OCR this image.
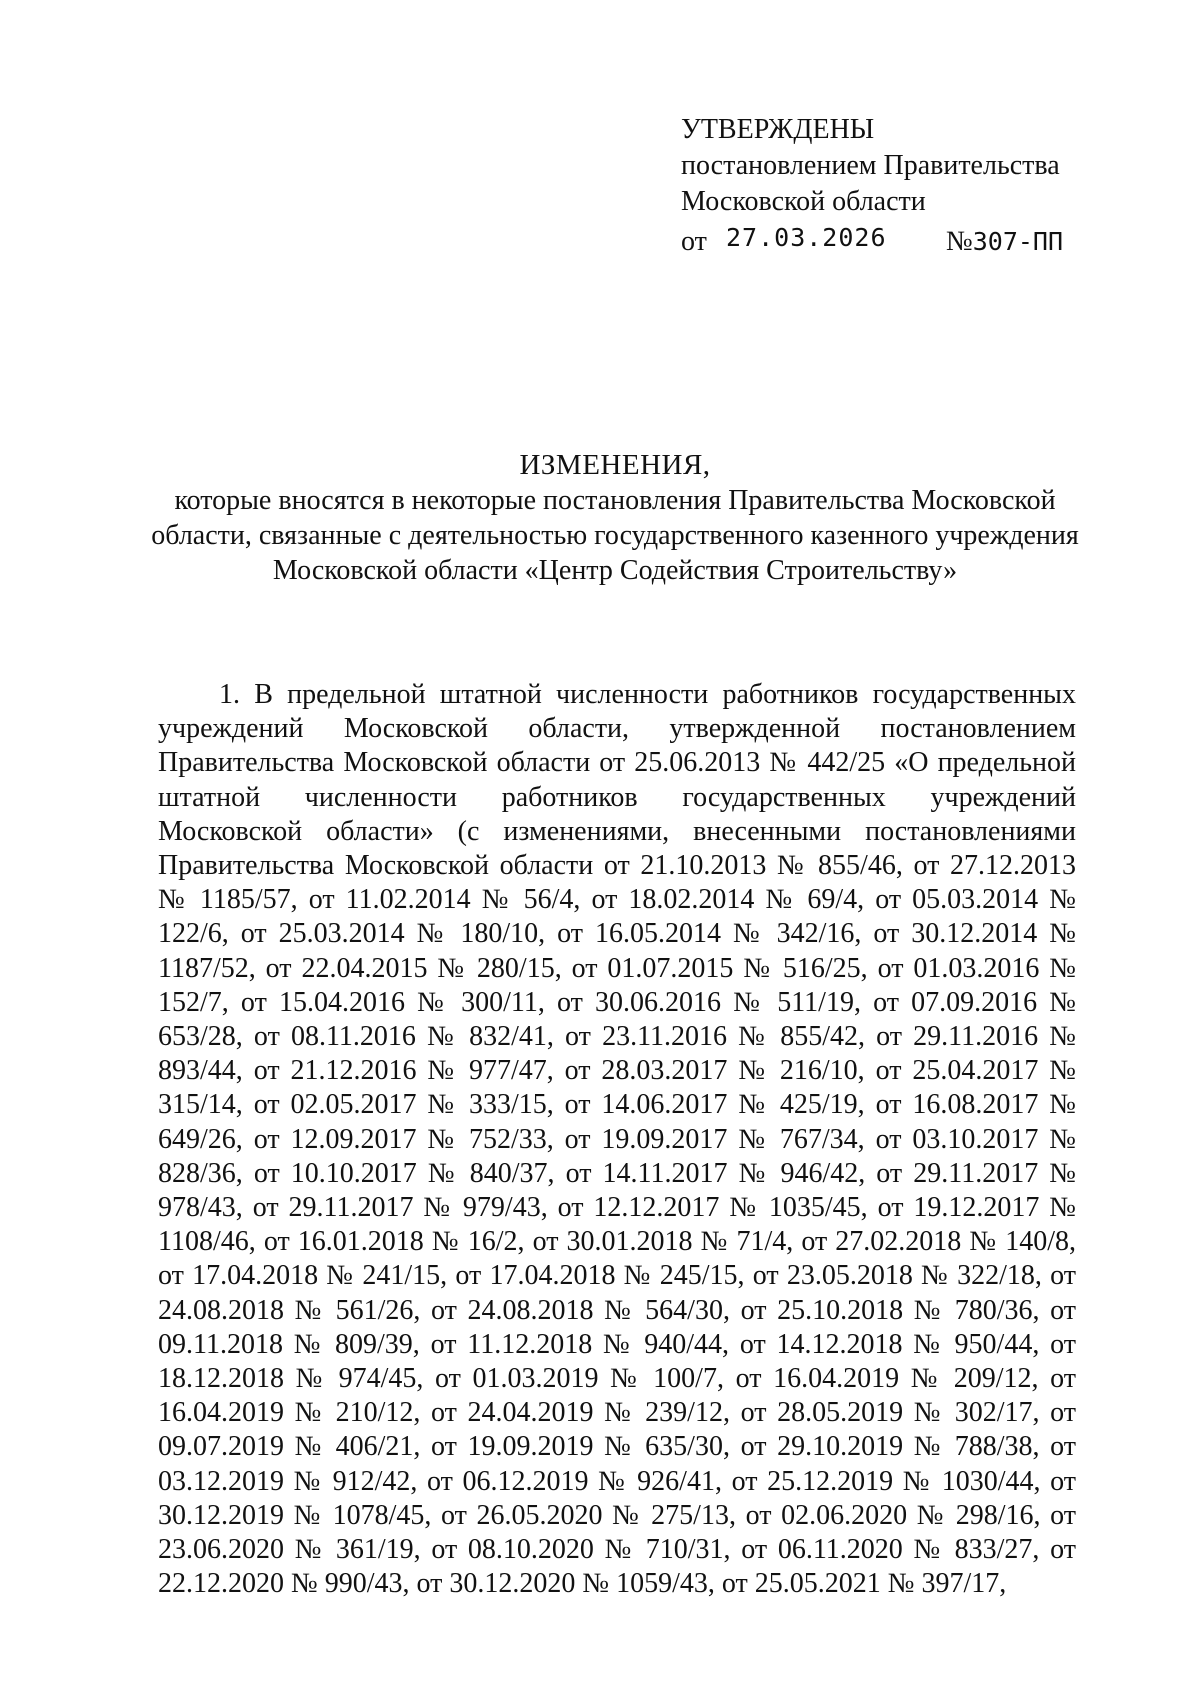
УТВЕРЖДЕНЫ
постановлением Правительства
Московской области
от 27.03.2026 №307-ПП
ИЗМЕНЕНИЯ,
которые вносятся в некоторые постановления Правительства Московской области, связанные с деятельностью государственного казенного учреждения Московской области «Центр Содействия Строительству»

1. В предельной штатной численности работников государственных учреждений Московской области, утвержденной постановлением Правительства Московской области от 25.06.2013 № 442/25 «О предельной штатной численности работников государственных учреждений Московской области» (с изменениями, внесенными постановлениями Правительства Московской области от 21.10.2013 № 855/46, от 27.12.2013 № 1185/57, от 11.02.2014 № 56/4, от 18.02.2014 № 69/4, от 05.03.2014 № 122/6, от 25.03.2014 № 180/10, от 16.05.2014 № 342/16, от 30.12.2014 № 1187/52, от 22.04.2015 № 280/15, от 01.07.2015 № 516/25, от 01.03.2016 № 152/7, от 15.04.2016 № 300/11, от 30.06.2016 № 511/19, от 07.09.2016 № 653/28, от 08.11.2016 № 832/41, от 23.11.2016 № 855/42, от 29.11.2016 № 893/44, от 21.12.2016 № 977/47, от 28.03.2017 № 216/10, от 25.04.2017 № 315/14, от 02.05.2017 № 333/15, от 14.06.2017 № 425/19, от 16.08.2017 № 649/26, от 12.09.2017 № 752/33, от 19.09.2017 № 767/34, от 03.10.2017 № 828/36, от 10.10.2017 № 840/37, от 14.11.2017 № 946/42, от 29.11.2017 № 978/43, от 29.11.2017 № 979/43, от 12.12.2017 № 1035/45, от 19.12.2017 № 1108/46, от 16.01.2018 № 16/2, от 30.01.2018 № 71/4, от 27.02.2018 № 140/8, от 17.04.2018 № 241/15, от 17.04.2018 № 245/15, от 23.05.2018 № 322/18, от 24.08.2018 № 561/26, от 24.08.2018 № 564/30, от 25.10.2018 № 780/36, от 09.11.2018 № 809/39, от 11.12.2018 № 940/44, от 14.12.2018 № 950/44, от 18.12.2018 № 974/45, от 01.03.2019 № 100/7, от 16.04.2019 № 209/12, от 16.04.2019 № 210/12, от 24.04.2019 № 239/12, от 28.05.2019 № 302/17, от 09.07.2019 № 406/21, от 19.09.2019 № 635/30, от 29.10.2019 № 788/38, от 03.12.2019 № 912/42, от 06.12.2019 № 926/41, от 25.12.2019 № 1030/44, от 30.12.2019 № 1078/45, от 26.05.2020 № 275/13, от 02.06.2020 № 298/16, от 23.06.2020 № 361/19, от 08.10.2020 № 710/31, от 06.11.2020 № 833/27, от 22.12.2020 № 990/43, от 30.12.2020 № 1059/43, от 25.05.2021 № 397/17,
